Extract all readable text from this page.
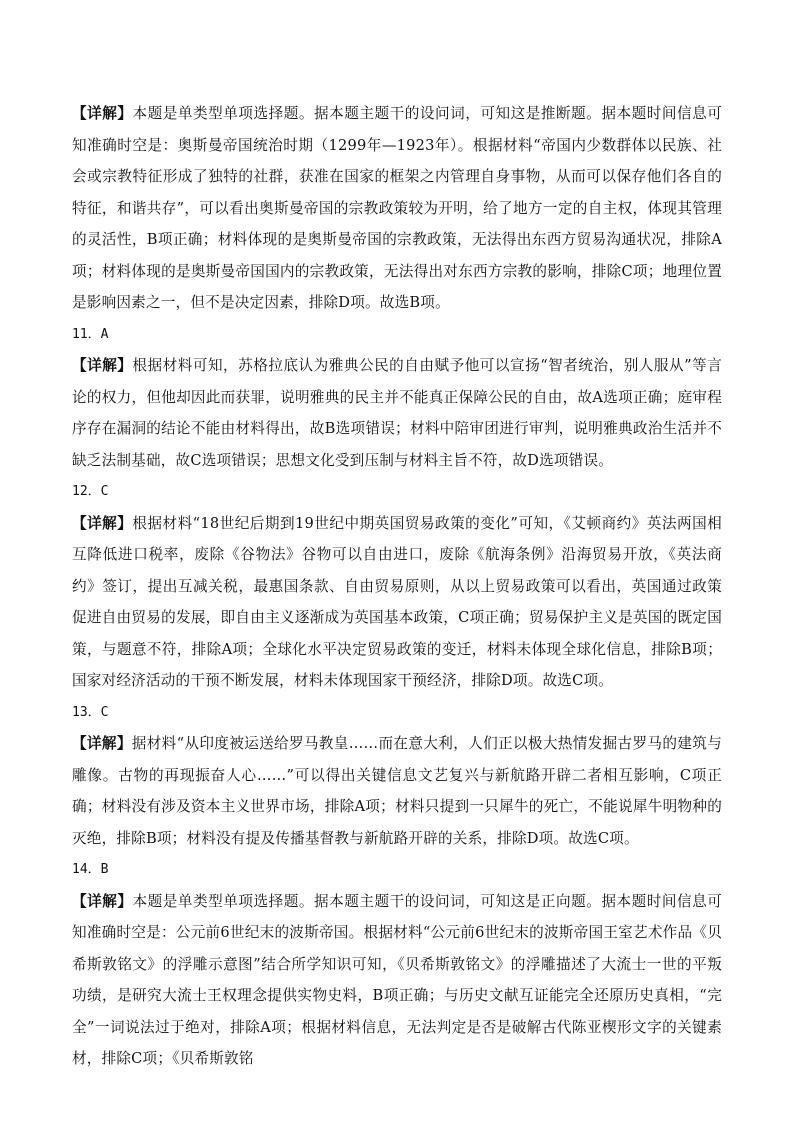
【详解】本题是单类型单项选择题。据本题主题干的设问词，可知这是推断题。据本题时间信息可知准确时空是：奥斯曼帝国统治时期（1299年—1923年）。根据材料“帝国内少数群体以民族、社会或宗教特征形成了独特的社群，获准在国家的框架之内管理自身事物，从而可以保存他们各自的特征，和谐共存”，可以看出奥斯曼帝国的宗教政策较为开明，给了地方一定的自主权，体现其管理的灵活性，B项正确；材料体现的是奥斯曼帝国的宗教政策，无法得出东西方贸易沟通状况，排除A项；材料体现的是奥斯曼帝国国内的宗教政策，无法得出对东西方宗教的影响，排除C项；地理位置是影响因素之一，但不是决定因素，排除D项。故选B项。

11．A

【详解】根据材料可知，苏格拉底认为雅典公民的自由赋予他可以宣扬“智者统治，别人服从”等言论的权力，但他却因此而获罪，说明雅典的民主并不能真正保障公民的自由，故A选项正确；庭审程序存在漏洞的结论不能由材料得出，故B选项错误；材料中陪审团进行审判，说明雅典政治生活并不缺乏法制基础，故C选项错误；思想文化受到压制与材料主旨不符，故D选项错误。

12．C

【详解】根据材料“18世纪后期到19世纪中期英国贸易政策的变化”可知，《艾顿商约》英法两国相互降低进口税率，废除《谷物法》谷物可以自由进口，废除《航海条例》沿海贸易开放，《英法商约》签订，提出互减关税，最惠国条款、自由贸易原则，从以上贸易政策可以看出，英国通过政策促进自由贸易的发展，即自由主义逐渐成为英国基本政策，C项正确；贸易保护主义是英国的既定国策，与题意不符，排除A项；全球化水平决定贸易政策的变迁，材料未体现全球化信息，排除B项；国家对经济活动的干预不断发展，材料未体现国家干预经济，排除D项。故选C项。

13．C

【详解】据材料“从印度被运送给罗马教皇……而在意大利，人们正以极大热情发掘古罗马的建筑与雕像。古物的再现振奋人心……”可以得出关键信息文艺复兴与新航路开辟二者相互影响，C项正确；材料没有涉及资本主义世界市场，排除A项；材料只提到一只犀牛的死亡，不能说犀牛明物种的灭绝，排除B项；材料没有提及传播基督教与新航路开辟的关系，排除D项。故选C项。

14．B

【详解】本题是单类型单项选择题。据本题主题干的设问词，可知这是正向题。据本题时间信息可知准确时空是：公元前6世纪末的波斯帝国。根据材料“公元前6世纪末的波斯帝国王室艺术作品《贝希斯敦铭文》的浮雕示意图”结合所学知识可知，《贝希斯敦铭文》的浮雕描述了大流士一世的平叛功绩，是研究大流士王权理念提供实物史料，B项正确；与历史文献互证能完全还原历史真相，“完全”一词说法过于绝对，排除A项；根据材料信息，无法判定是否是破解古代陈亚楔形文字的关键素材，排除C项；《贝希斯敦铭
